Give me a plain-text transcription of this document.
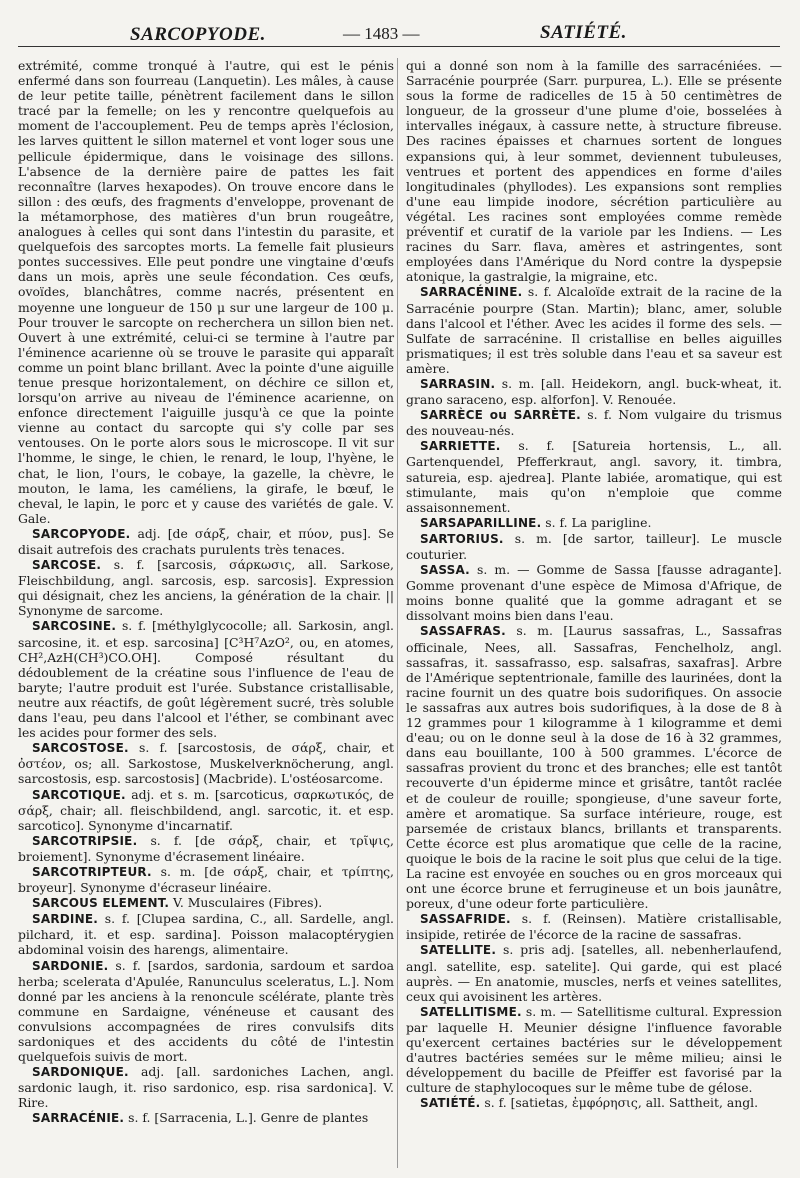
SARCOPYODE.	— 1483 —	SATIÉTÉ.

extrémité, comme tronqué à l'autre, qui est le pénis enfermé dans son fourreau (Lanquetin). Les mâles, à cause de leur petite taille, pénètrent facilement dans le sillon tracé par la femelle; on les y rencontre quelquefois au moment de l'accouplement. Peu de temps après l'éclosion, les larves quittent le sillon maternel et vont loger sous une pellicule épidermique, dans le voisinage des sillons. L'absence de la dernière paire de pattes les fait reconnaître (larves hexapodes). On trouve encore dans le sillon : des œufs, des fragments d'enveloppe, provenant de la métamorphose, des matières d'un brun rougeâtre, analogues à celles qui sont dans l'intestin du parasite, et quelquefois des sarcoptes morts. La femelle fait plusieurs pontes successives. Elle peut pondre une vingtaine d'œufs dans un mois, après une seule fécondation. Ces œufs, ovoïdes, blanchâtres, comme nacrés, présentent en moyenne une longueur de 150 μ sur une largeur de 100 μ. Pour trouver le sarcopte on recherchera un sillon bien net. Ouvert à une extrémité, celui-ci se termine à l'autre par l'éminence acarienne où se trouve le parasite qui apparaît comme un point blanc brillant. Avec la pointe d'une aiguille tenue presque horizontalement, on déchire ce sillon et, lorsqu'on arrive au niveau de l'éminence acarienne, on enfonce directement l'aiguille jusqu'à ce que la pointe vienne au contact du sarcopte qui s'y colle par ses ventouses. On le porte alors sous le microscope. Il vit sur l'homme, le singe, le chien, le renard, le loup, l'hyène, le chat, le lion, l'ours, le cobaye, la gazelle, la chèvre, le mouton, le lama, les caméliens, la girafe, le bœuf, le cheval, le lapin, le porc et y cause des variétés de gale. V. Gale.

SARCOPYODE. adj. [de σάρξ, chair, et πύον, pus]. Se disait autrefois des crachats purulents très tenaces.

SARCOSE. s. f. [sarcosis, σάρκωσις, all. Sarkose, Fleischbildung, angl. sarcosis, esp. sarcosis]. Expression qui désignait, chez les anciens, la génération de la chair. || Synonyme de sarcome.

SARCOSINE. s. f. [méthylglycocolle; all. Sarkosin, angl. sarcosine, it. et esp. sarcosina] [C³H⁷AzO², ou, en atomes, CH²,AzH(CH³)CO.OH]. Composé résultant du dédoublement de la créatine sous l'influence de l'eau de baryte; l'autre produit est l'urée. Substance cristallisable, neutre aux réactifs, de goût légèrement sucré, très soluble dans l'eau, peu dans l'alcool et l'éther, se combinant avec les acides pour former des sels.

SARCOSTOSE. s. f. [sarcostosis, de σάρξ, chair, et ὀστέον, os; all. Sarkostose, Muskelverknöcherung, angl. sarcostosis, esp. sarcostosis] (Macbride). L'ostéosarcome.

SARCOTIQUE. adj. et s. m. [sarcoticus, σαρκωτικός, de σάρξ, chair; all. fleischbildend, angl. sarcotic, it. et esp. sarcotico]. Synonyme d'incarnatif.

SARCOTRIPSIE. s. f. [de σάρξ, chair, et τρῖψις, broiement]. Synonyme d'écrasement linéaire.

SARCOTRIPTEUR. s. m. [de σάρξ, chair, et τρίπτης, broyeur]. Synonyme d'écraseur linéaire.

SARCOUS ELEMENT. V. Musculaires (Fibres).

SARDINE. s. f. [Clupea sardina, C., all. Sardelle, angl. pilchard, it. et esp. sardina]. Poisson malacoptérygien abdominal voisin des harengs, alimentaire.

SARDONIE. s. f. [sardos, sardonia, sardoum et sardoa herba; scelerata d'Apulée, Ranunculus sceleratus, L.]. Nom donné par les anciens à la renoncule scélérate, plante très commune en Sardaigne, vénéneuse et causant des convulsions accompagnées de rires convulsifs dits sardoniques et des accidents du côté de l'intestin quelquefois suivis de mort.

SARDONIQUE. adj. [all. sardoniches Lachen, angl. sardonic laugh, it. riso sardonico, esp. risa sardonica]. V. Rire.

SARRACÉNIE. s. f. [Sarracenia, L.]. Genre de plantes

qui a donné son nom à la famille des sarracéniées. — Sarracénie pourprée (Sarr. purpurea, L.). Elle se présente sous la forme de radicelles de 15 à 50 centimètres de longueur, de la grosseur d'une plume d'oie, bosselées à intervalles inégaux, à cassure nette, à structure fibreuse. Des racines épaisses et charnues sortent de longues expansions qui, à leur sommet, deviennent tubuleuses, ventrues et portent des appendices en forme d'ailes longitudinales (phyllodes). Les expansions sont remplies d'une eau limpide inodore, sécrétion particulière au végétal. Les racines sont employées comme remède préventif et curatif de la variole par les Indiens. — Les racines du Sarr. flava, amères et astringentes, sont employées dans l'Amérique du Nord contre la dyspepsie atonique, la gastralgie, la migraine, etc.

SARRACÉNINE. s. f. Alcaloïde extrait de la racine de la Sarracénie pourpre (Stan. Martin); blanc, amer, soluble dans l'alcool et l'éther. Avec les acides il forme des sels. — Sulfate de sarracénine. Il cristallise en belles aiguilles prismatiques; il est très soluble dans l'eau et sa saveur est amère.

SARRASIN. s. m. [all. Heidekorn, angl. buck-wheat, it. grano saraceno, esp. alforfon]. V. Renouée.

SARRÈCE ou SARRÈTE. s. f. Nom vulgaire du trismus des nouveau-nés.

SARRIETTE. s. f. [Satureia hortensis, L., all. Gartenquendel, Pfefferkraut, angl. savory, it. timbra, satureia, esp. ajedrea]. Plante labiée, aromatique, qui est stimulante, mais qu'on n'emploie que comme assaisonnement.

SARSAPARILLINE. s. f. La parigline.

SARTORIUS. s. m. [de sartor, tailleur]. Le muscle couturier.

SASSA. s. m. — Gomme de Sassa [fausse adragante]. Gomme provenant d'une espèce de Mimosa d'Afrique, de moins bonne qualité que la gomme adragant et se dissolvant moins bien dans l'eau.

SASSAFRAS. s. m. [Laurus sassafras, L., Sassafras officinale, Nees, all. Sassafras, Fenchelholz, angl. sassafras, it. sassafrasso, esp. salsafras, saxafras]. Arbre de l'Amérique septentrionale, famille des laurinées, dont la racine fournit un des quatre bois sudorifiques. On associe le sassafras aux autres bois sudorifiques, à la dose de 8 à 12 grammes pour 1 kilogramme à 1 kilogramme et demi d'eau; ou on le donne seul à la dose de 16 à 32 grammes, dans eau bouillante, 100 à 500 grammes. L'écorce de sassafras provient du tronc et des branches; elle est tantôt recouverte d'un épiderme mince et grisâtre, tantôt raclée et de couleur de rouille; spongieuse, d'une saveur forte, amère et aromatique. Sa surface intérieure, rouge, est parsemée de cristaux blancs, brillants et transparents. Cette écorce est plus aromatique que celle de la racine, quoique le bois de la racine le soit plus que celui de la tige. La racine est envoyée en souches ou en gros morceaux qui ont une écorce brune et ferrugineuse et un bois jaunâtre, poreux, d'une odeur forte particulière.

SASSAFRIDE. s. f. (Reinsen). Matière cristallisable, insipide, retirée de l'écorce de la racine de sassafras.

SATELLITE. s. pris adj. [satelles, all. nebenherlaufend, angl. satellite, esp. satelite]. Qui garde, qui est placé auprès. — En anatomie, muscles, nerfs et veines satellites, ceux qui avoisinent les artères.

SATELLITISME. s. m. — Satellitisme cultural. Expression par laquelle H. Meunier désigne l'influence favorable qu'exercent certaines bactéries sur le développement d'autres bactéries semées sur le même milieu; ainsi le développement du bacille de Pfeiffer est favorisé par la culture de staphylocoques sur le même tube de gélose.

SATIÉTÉ. s. f. [satietas, ἐμφόρησις, all. Sattheit, angl.
